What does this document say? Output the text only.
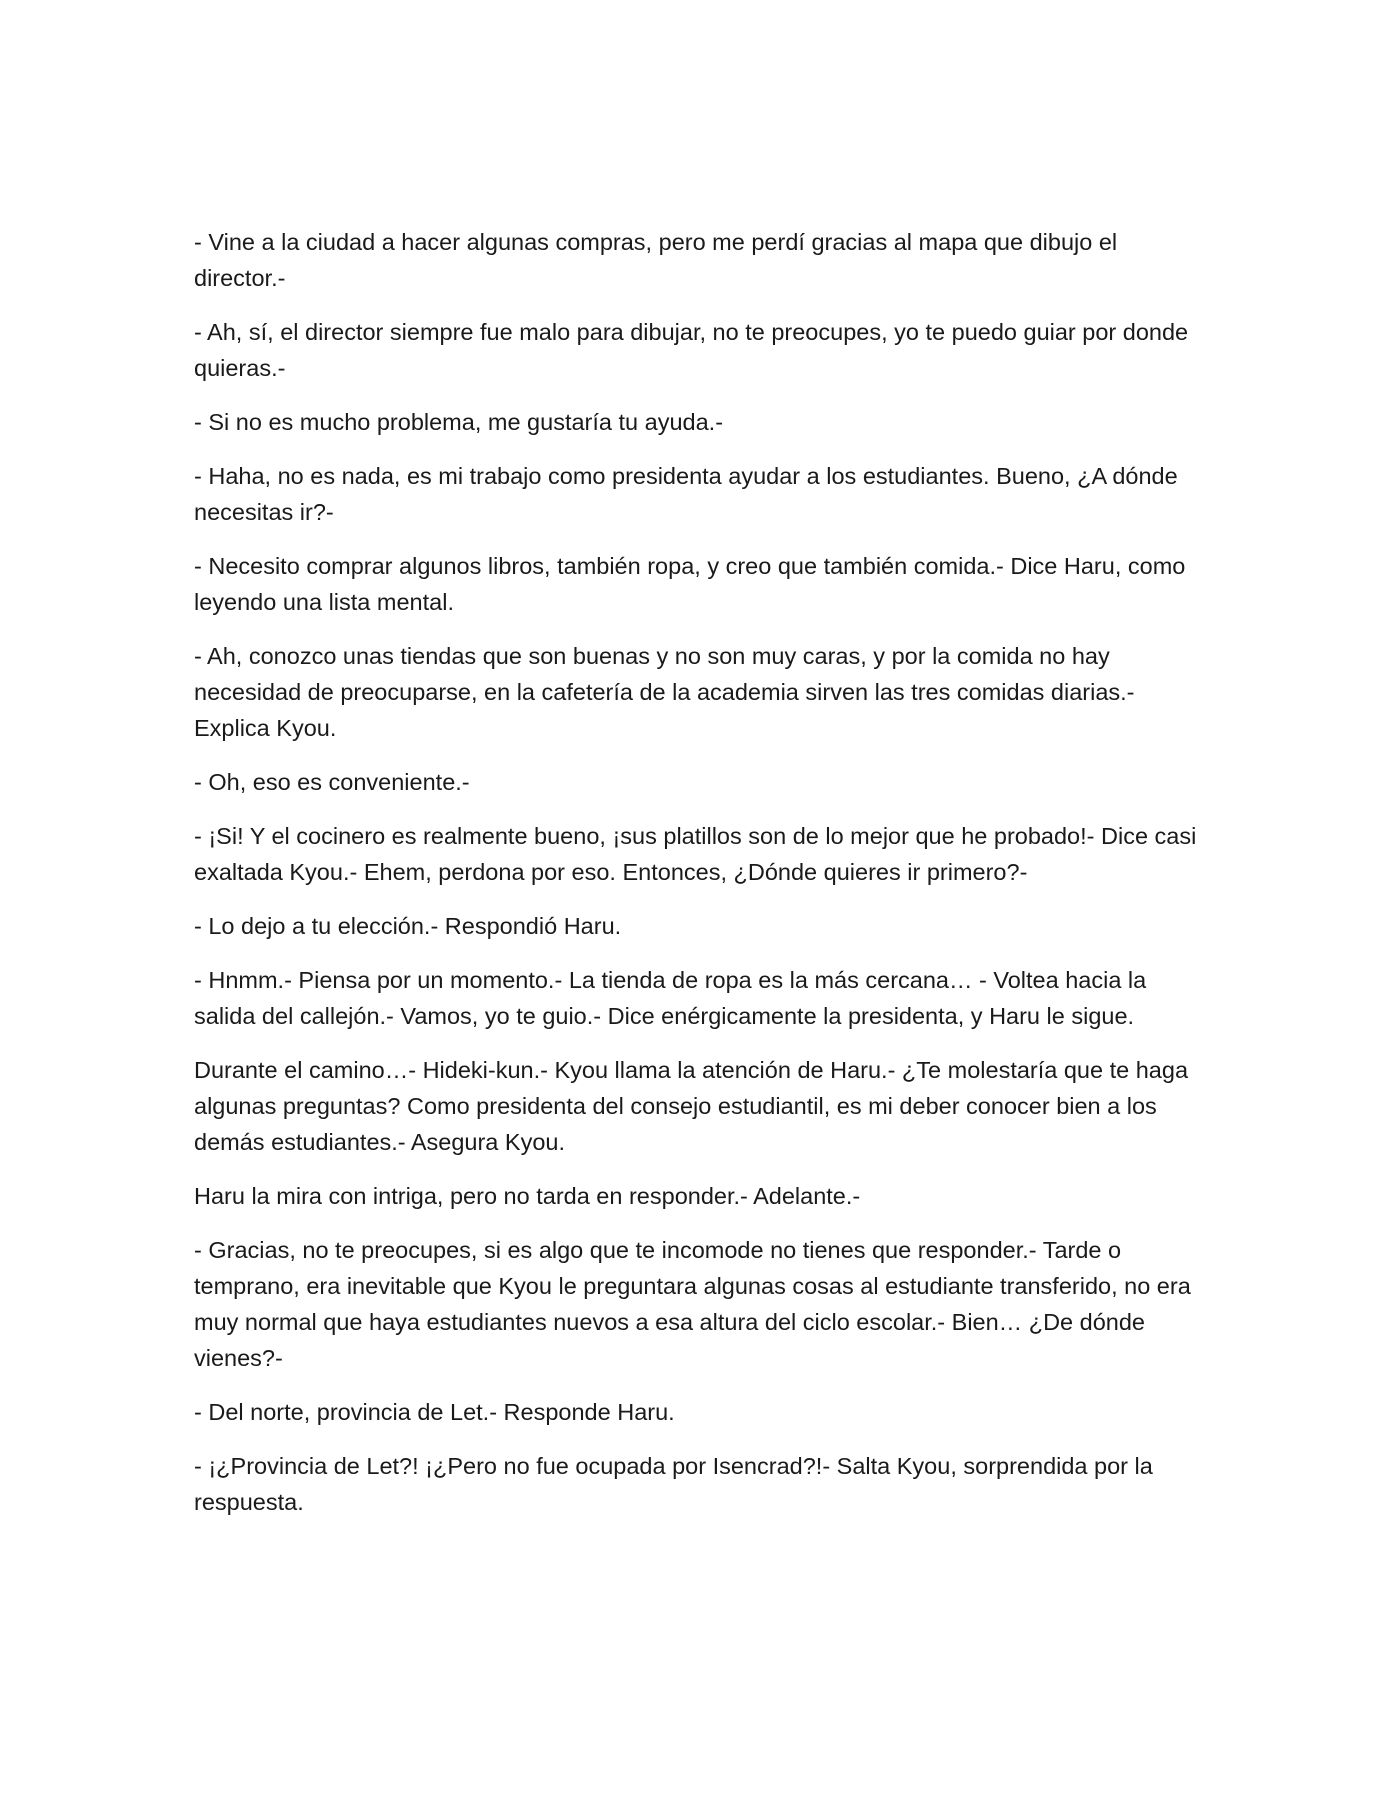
- Vine a la ciudad a hacer algunas compras, pero me perdí gracias al mapa que dibujo el director.-

- Ah, sí, el director siempre fue malo para dibujar, no te preocupes, yo te puedo guiar por donde quieras.-

- Si no es mucho problema, me gustaría tu ayuda.-

- Haha, no es nada, es mi trabajo como presidenta ayudar a los estudiantes. Bueno, ¿A dónde necesitas ir?-

- Necesito comprar algunos libros, también ropa, y creo que también comida.- Dice Haru, como leyendo una lista mental.

- Ah, conozco unas tiendas que son buenas y no son muy caras, y por la comida no hay necesidad de preocuparse, en la cafetería de la academia sirven las tres comidas diarias.- Explica Kyou.

- Oh, eso es conveniente.-

- ¡Si! Y el cocinero es realmente bueno, ¡sus platillos son de lo mejor que he probado!- Dice casi exaltada Kyou.- Ehem, perdona por eso. Entonces, ¿Dónde quieres ir primero?-

- Lo dejo a tu elección.- Respondió Haru.

- Hnmm.- Piensa por un momento.- La tienda de ropa es la más cercana… - Voltea hacia la salida del callejón.- Vamos, yo te guio.- Dice enérgicamente la presidenta, y Haru le sigue.

Durante el camino…- Hideki-kun.- Kyou llama la atención de Haru.- ¿Te molestaría que te haga algunas preguntas? Como presidenta del consejo estudiantil, es mi deber conocer bien a los demás estudiantes.- Asegura Kyou.

Haru la mira con intriga, pero no tarda en responder.- Adelante.-

- Gracias, no te preocupes, si es algo que te incomode no tienes que responder.- Tarde o temprano, era inevitable que Kyou le preguntara algunas cosas al estudiante transferido, no era muy normal que haya estudiantes nuevos a esa altura del ciclo escolar.- Bien… ¿De dónde vienes?-

- Del norte, provincia de Let.- Responde Haru.

- ¡¿Provincia de Let?! ¡¿Pero no fue ocupada por Isencrad?!- Salta Kyou, sorprendida por la respuesta.
